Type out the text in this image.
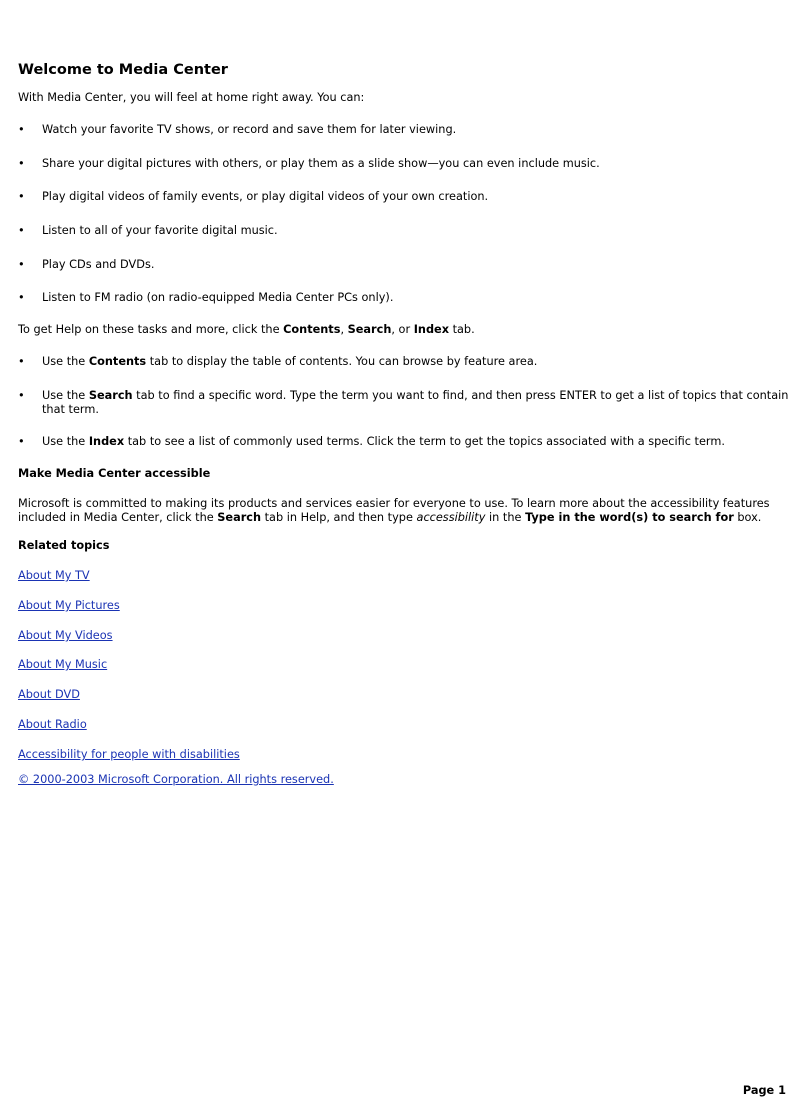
Welcome to Media Center

With Media Center, you will feel at home right away. You can:

• Watch your favorite TV shows, or record and save them for later viewing.
• Share your digital pictures with others, or play them as a slide show—you can even include music.
• Play digital videos of family events, or play digital videos of your own creation.
• Listen to all of your favorite digital music.
• Play CDs and DVDs.
• Listen to FM radio (on radio-equipped Media Center PCs only).

To get Help on these tasks and more, click the Contents, Search, or Index tab.

• Use the Contents tab to display the table of contents. You can browse by feature area.
• Use the Search tab to find a specific word. Type the term you want to find, and then press ENTER to get a list of topics that contain that term.
• Use the Index tab to see a list of commonly used terms. Click the term to get the topics associated with a specific term.
Make Media Center accessible

Microsoft is committed to making its products and services easier for everyone to use. To learn more about the accessibility features included in Media Center, click the Search tab in Help, and then type accessibility in the Type in the word(s) to search for box.

Related topics
About My TV
About My Pictures
About My Videos
About My Music
About DVD
About Radio
Accessibility for people with disabilities
© 2000-2003 Microsoft Corporation. All rights reserved.
Page 1
